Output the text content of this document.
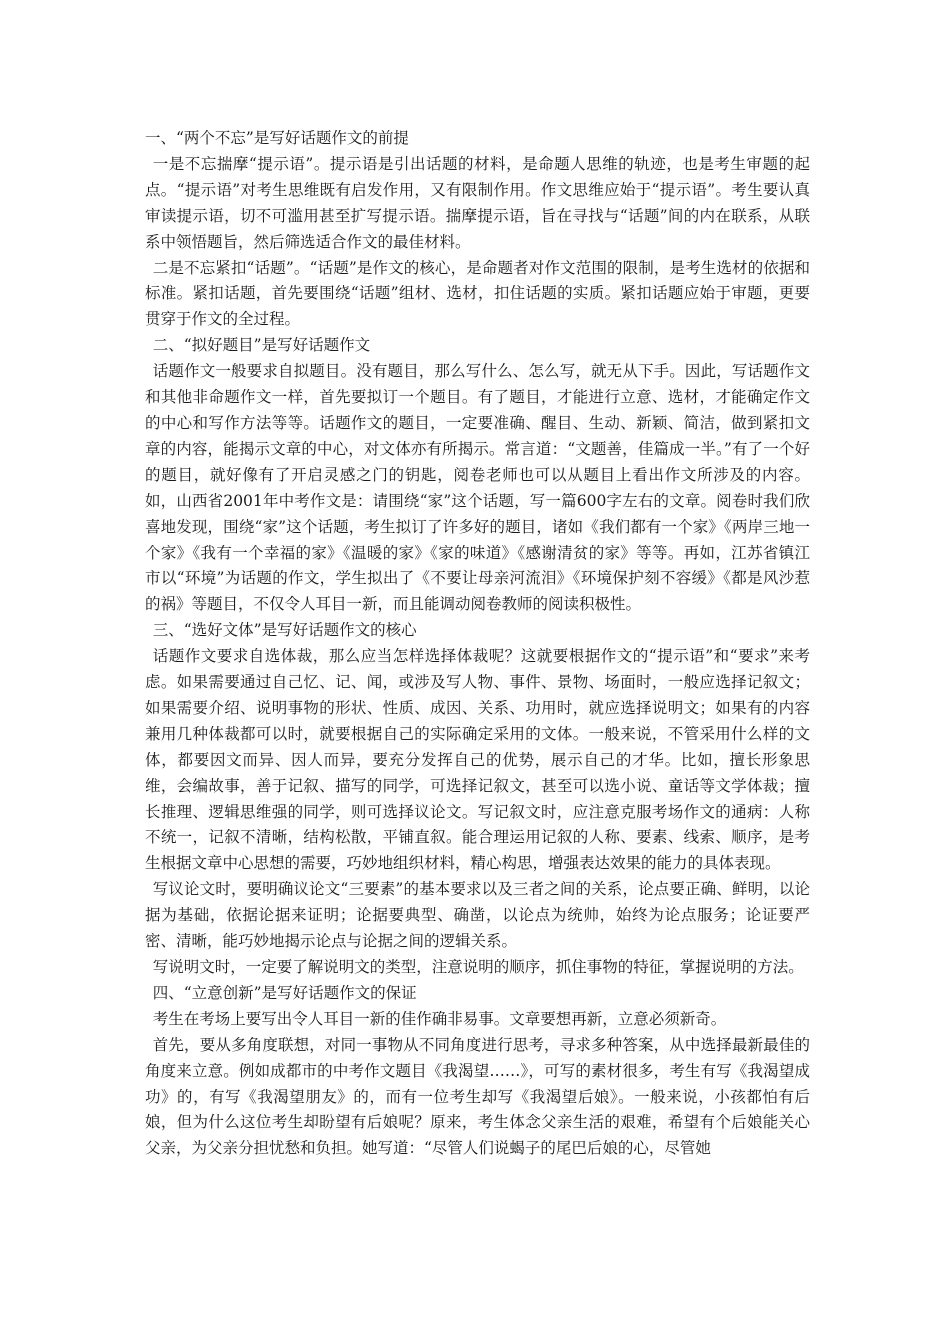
一、“两个不忘”是写好话题作文的前提

一是不忘揣摩“提示语”。提示语是引出话题的材料，是命题人思维的轨迹，也是考生审题的起点。“提示语”对考生思维既有启发作用，又有限制作用。作文思维应始于“提示语”。考生要认真审读提示语，切不可滥用甚至扩写提示语。揣摩提示语，旨在寻找与“话题”间的内在联系，从联系中领悟题旨，然后筛选适合作文的最佳材料。

二是不忘紧扣“话题”。“话题”是作文的核心，是命题者对作文范围的限制，是考生选材的依据和标准。紧扣话题，首先要围绕“话题”组材、选材，扣住话题的实质。紧扣话题应始于审题，更要贯穿于作文的全过程。

二、“拟好题目”是写好话题作文

话题作文一般要求自拟题目。没有题目，那么写什么、怎么写，就无从下手。因此，写话题作文和其他非命题作文一样，首先要拟订一个题目。有了题目，才能进行立意、选材，才能确定作文的中心和写作方法等等。话题作文的题目，一定要准确、醒目、生动、新颖、简洁，做到紧扣文章的内容，能揭示文章的中心，对文体亦有所揭示。常言道：“文题善，佳篇成一半。”有了一个好的题目，就好像有了开启灵感之门的钥匙，阅卷老师也可以从题目上看出作文所涉及的内容。如，山西省2001年中考作文是：请围绕“家”这个话题，写一篇600字左右的文章。阅卷时我们欣喜地发现，围绕“家”这个话题，考生拟订了许多好的题目，诸如《我们都有一个家》《两岸三地一个家》《我有一个幸福的家》《温暖的家》《家的味道》《感谢清贫的家》等等。再如，江苏省镇江市以“环境”为话题的作文，学生拟出了《不要让母亲河流泪》《环境保护刻不容缓》《都是风沙惹的祸》等题目，不仅令人耳目一新，而且能调动阅卷教师的阅读积极性。

三、“选好文体”是写好话题作文的核心

话题作文要求自选体裁，那么应当怎样选择体裁呢？这就要根据作文的“提示语”和“要求”来考虑。如果需要通过自己忆、记、闻，或涉及写人物、事件、景物、场面时，一般应选择记叙文；如果需要介绍、说明事物的形状、性质、成因、关系、功用时，就应选择说明文；如果有的内容兼用几种体裁都可以时，就要根据自己的实际确定采用的文体。一般来说，不管采用什么样的文体，都要因文而异、因人而异，要充分发挥自己的优势，展示自己的才华。比如，擅长形象思维，会编故事，善于记叙、描写的同学，可选择记叙文，甚至可以选小说、童话等文学体裁；擅长推理、逻辑思维强的同学，则可选择议论文。写记叙文时，应注意克服考场作文的通病：人称不统一，记叙不清晰，结构松散，平铺直叙。能合理运用记叙的人称、要素、线索、顺序，是考生根据文章中心思想的需要，巧妙地组织材料，精心构思，增强表达效果的能力的具体表现。

写议论文时，要明确议论文“三要素”的基本要求以及三者之间的关系，论点要正确、鲜明，以论据为基础，依据论据来证明；论据要典型、确凿，以论点为统帅，始终为论点服务；论证要严密、清晰，能巧妙地揭示论点与论据之间的逻辑关系。

写说明文时，一定要了解说明文的类型，注意说明的顺序，抓住事物的特征，掌握说明的方法。

四、“立意创新”是写好话题作文的保证

考生在考场上要写出令人耳目一新的佳作确非易事。文章要想再新，立意必须新奇。

首先，要从多角度联想，对同一事物从不同角度进行思考，寻求多种答案，从中选择最新最佳的角度来立意。例如成都市的中考作文题目《我渴望……》，可写的素材很多，考生有写《我渴望成功》的，有写《我渴望朋友》的，而有一位考生却写《我渴望后娘》。一般来说，小孩都怕有后娘，但为什么这位考生却盼望有后娘呢？原来，考生体念父亲生活的艰难，希望有个后娘能关心父亲，为父亲分担忧愁和负担。她写道：“尽管人们说蝎子的尾巴后娘的心，尽管她
